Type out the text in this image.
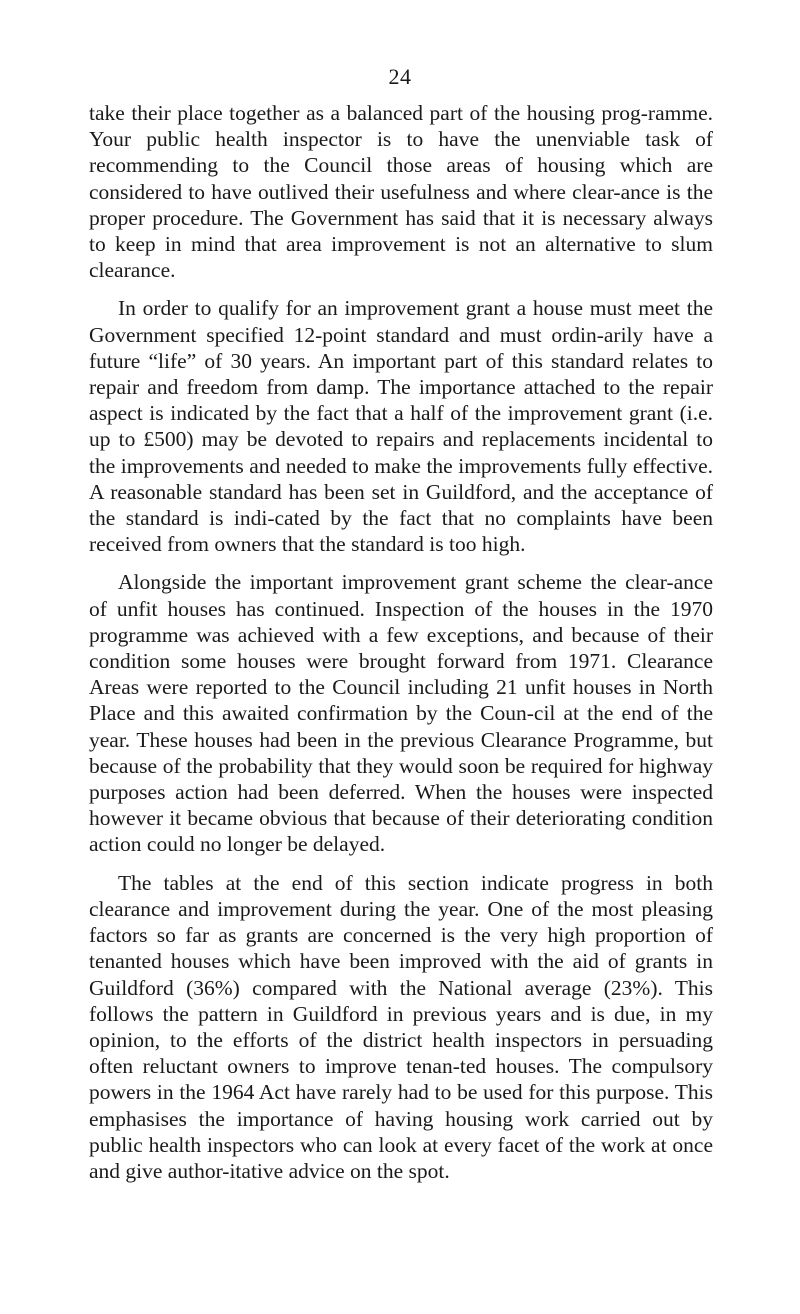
24

take their place together as a balanced part of the housing prog-ramme. Your public health inspector is to have the unenviable task of recommending to the Council those areas of housing which are considered to have outlived their usefulness and where clear-ance is the proper procedure. The Government has said that it is necessary always to keep in mind that area improvement is not an alternative to slum clearance.

In order to qualify for an improvement grant a house must meet the Government specified 12-point standard and must ordin-arily have a future “life” of 30 years. An important part of this standard relates to repair and freedom from damp. The importance attached to the repair aspect is indicated by the fact that a half of the improvement grant (i.e. up to £500) may be devoted to repairs and replacements incidental to the improvements and needed to make the improvements fully effective. A reasonable standard has been set in Guildford, and the acceptance of the standard is indi-cated by the fact that no complaints have been received from owners that the standard is too high.

Alongside the important improvement grant scheme the clear-ance of unfit houses has continued. Inspection of the houses in the 1970 programme was achieved with a few exceptions, and because of their condition some houses were brought forward from 1971. Clearance Areas were reported to the Council including 21 unfit houses in North Place and this awaited confirmation by the Coun-cil at the end of the year. These houses had been in the previous Clearance Programme, but because of the probability that they would soon be required for highway purposes action had been deferred. When the houses were inspected however it became obvious that because of their deteriorating condition action could no longer be delayed.

The tables at the end of this section indicate progress in both clearance and improvement during the year. One of the most pleasing factors so far as grants are concerned is the very high proportion of tenanted houses which have been improved with the aid of grants in Guildford (36%) compared with the National average (23%). This follows the pattern in Guildford in previous years and is due, in my opinion, to the efforts of the district health inspectors in persuading often reluctant owners to improve tenan-ted houses. The compulsory powers in the 1964 Act have rarely had to be used for this purpose. This emphasises the importance of having housing work carried out by public health inspectors who can look at every facet of the work at once and give author-itative advice on the spot.
